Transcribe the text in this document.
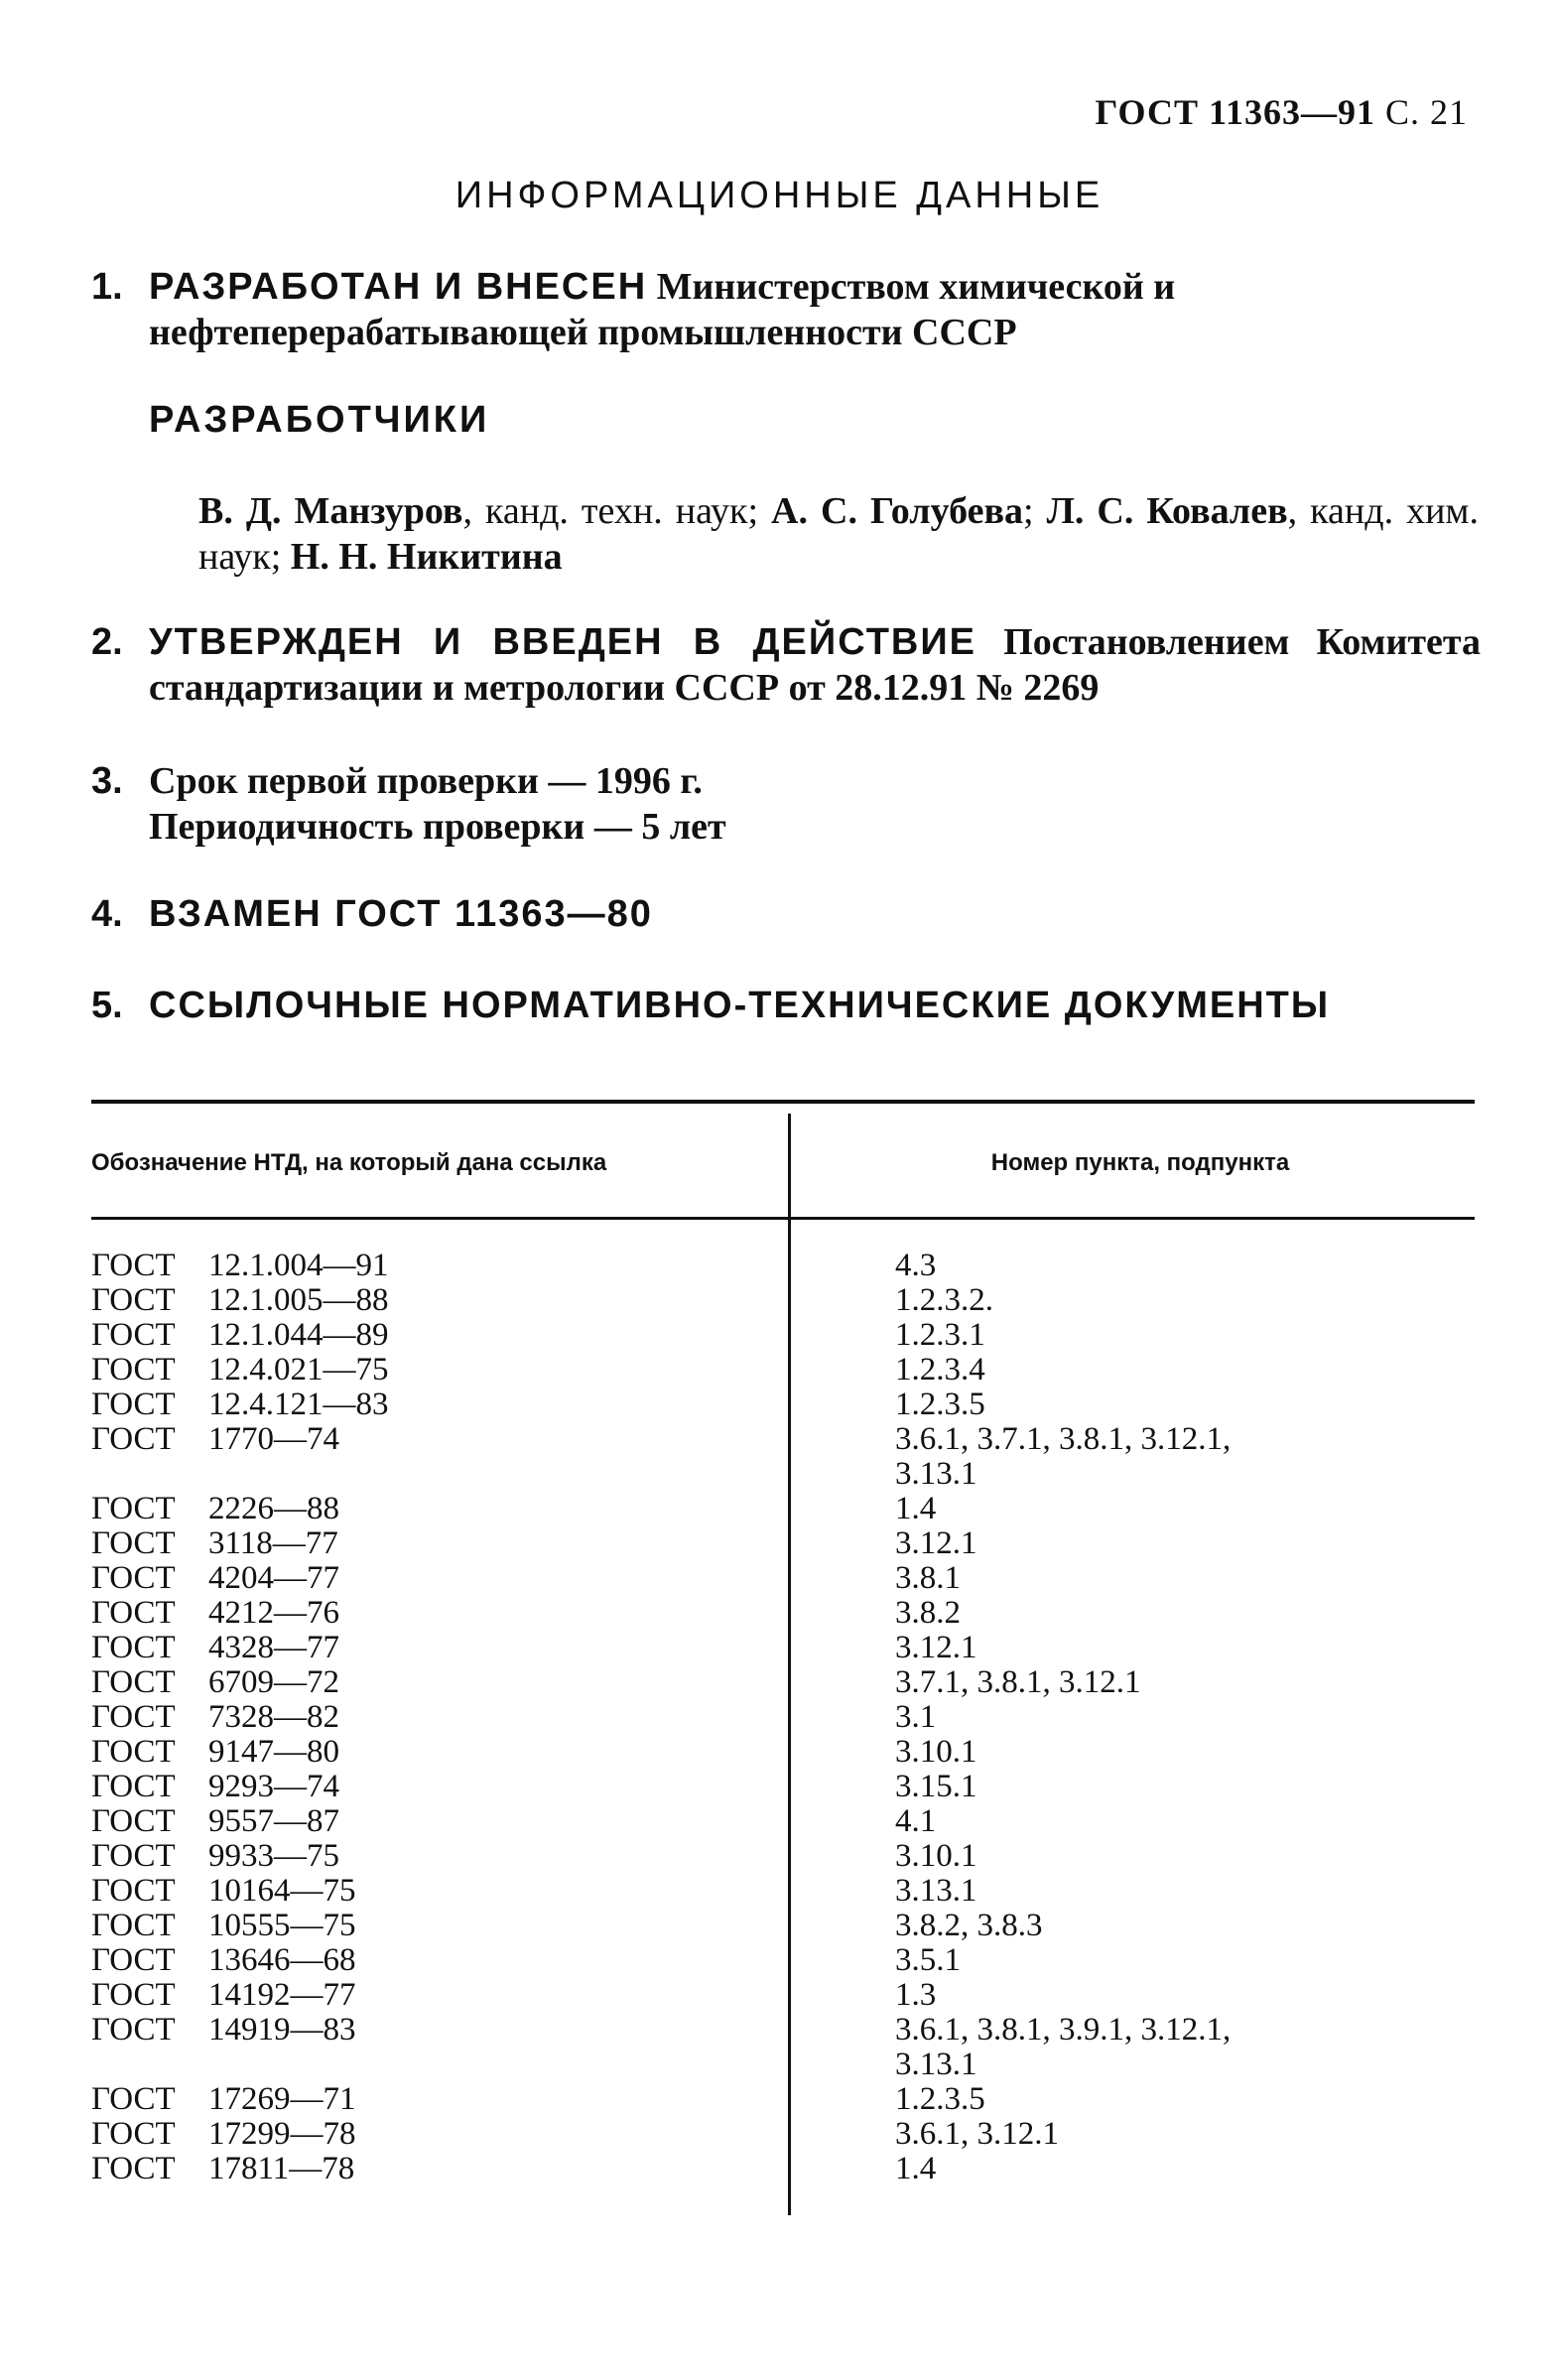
ГОСТ 11363—91 С. 21
ИНФОРМАЦИОННЫЕ ДАННЫЕ
1. РАЗРАБОТАН И ВНЕСЕН Министерством химической и нефтеперерабатывающей промышленности СССР
РАЗРАБОТЧИКИ
В. Д. Манзуров, канд. техн. наук; А. С. Голубева; Л. С. Ковалев, канд. хим. наук; Н. Н. Никитина
2. УТВЕРЖДЕН И ВВЕДЕН В ДЕЙСТВИЕ Постановлением Комитета стандартизации и метрологии СССР от 28.12.91 № 2269
3. Срок первой проверки — 1996 г.
Периодичность проверки — 5 лет
4. ВЗАМЕН ГОСТ 11363—80
5. ССЫЛОЧНЫЕ НОРМАТИВНО-ТЕХНИЧЕСКИЕ ДОКУМЕНТЫ
Обозначение НТД, на который дана ссылка	Номер пункта, подпункта
ГОСТ 12.1.004—91	4.3
ГОСТ 12.1.005—88	1.2.3.2.
ГОСТ 12.1.044—89	1.2.3.1
ГОСТ 12.4.021—75	1.2.3.4
ГОСТ 12.4.121—83	1.2.3.5
ГОСТ 1770—74	3.6.1, 3.7.1, 3.8.1, 3.12.1,
3.13.1
ГОСТ 2226—88	1.4
ГОСТ 3118—77	3.12.1
ГОСТ 4204—77	3.8.1
ГОСТ 4212—76	3.8.2
ГОСТ 4328—77	3.12.1
ГОСТ 6709—72	3.7.1, 3.8.1, 3.12.1
ГОСТ 7328—82	3.1
ГОСТ 9147—80	3.10.1
ГОСТ 9293—74	3.15.1
ГОСТ 9557—87	4.1
ГОСТ 9933—75	3.10.1
ГОСТ 10164—75	3.13.1
ГОСТ 10555—75	3.8.2, 3.8.3
ГОСТ 13646—68	3.5.1
ГОСТ 14192—77	1.3
ГОСТ 14919—83	3.6.1, 3.8.1, 3.9.1, 3.12.1,
3.13.1
ГОСТ 17269—71	1.2.3.5
ГОСТ 17299—78	3.6.1, 3.12.1
ГОСТ 17811—78	1.4
